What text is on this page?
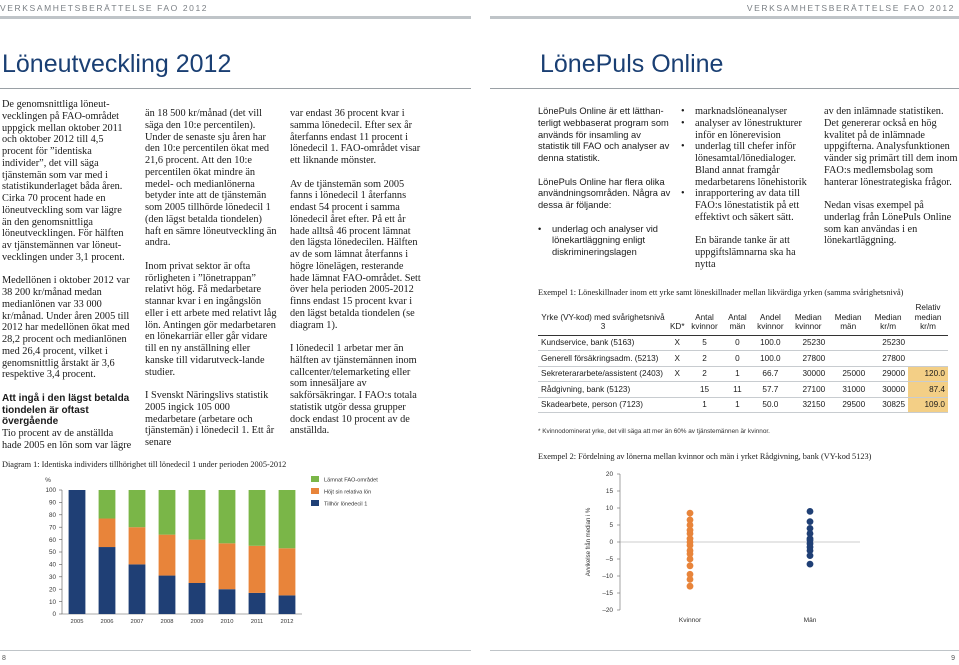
VERKSAMHETSBERÄTTELSE FAO 2012	VERKSAMHETSBERÄTTELSE FAO 2012
Löneutveckling 2012	LönePuls Online

De genomsnittliga löneut-vecklingen på FAO-området uppgick mellan oktober 2011 och oktober 2012 till 4,5 procent för ”identiska individer”, det vill säga tjänstemän som var med i statistikunderlaget båda åren. Cirka 70 procent hade en löneutveckling som var lägre än den genomsnittliga löneutvecklingen. För hälften av tjänstemännen var löneut-vecklingen under 3,1 procent.

Medellönen i oktober 2012 var 38 200 kr/månad medan medianlönen var 33 000 kr/månad. Under åren 2005 till 2012 har medellönen ökat med 28,2 procent och medianlönen med 26,4 procent, vilket i genomsnittlig årstakt är 3,6 respektive 3,4 procent.

Att ingå i den lägst betalda tiondelen är oftast övergående

Tio procent av de anställda hade 2005 en lön som var lägre

än 18 500 kr/månad (det vill säga den 10:e percentilen). Under de senaste sju åren har den 10:e percentilen ökat med 21,6 procent. Att den 10:e percentilen ökat mindre än medel- och medianlönerna betyder inte att de tjänstemän som 2005 tillhörde lönedecil 1 (den lägst betalda tiondelen) haft en sämre löneutveckling än andra.

Inom privat sektor är ofta rörligheten i ”lönetrappan” relativt hög. Få medarbetare stannar kvar i en ingångslön eller i ett arbete med relativt låg lön. Antingen gör medarbetaren en lönekarriär eller går vidare till en ny anställning eller kanske till vidarutveck-lande studier.

I Svenskt Näringslivs statistik 2005 ingick 105 000 medarbetare (arbetare och tjänstemän) i lönedecil 1. Ett år senare

var endast 36 procent kvar i samma lönedecil. Efter sex år återfanns endast 11 procent i lönedecil 1. FAO-området visar ett liknande mönster.

Av de tjänstemän som 2005 fanns i lönedecil 1 återfanns endast 54 procent i samma lönedecil året efter. På ett år hade alltså 46 procent lämnat den lägsta lönedecilen. Hälften av de som lämnat återfanns i högre lönelägen, resterande hade lämnat FAO-området. Sett över hela perioden 2005-2012 finns endast 15 procent kvar i den lägst betalda tiondelen (se diagram 1).

I lönedecil 1 arbetar mer än hälften av tjänstemännen inom callcenter/telemarketing eller som innesäljare av sakförsäkringar. I FAO:s totala statistik utgör dessa grupper dock endast 10 procent av de anställda.

Diagram 1: Identiska individers tillhörighet till lönedecil 1 under perioden 2005-2012
%
0
10
20
30
40
50
60
70
80
90
100
2005	2006	2007	2008	2009	2010	2011	2012
Lämnat FAO-området
Höjt sin relativa lön
Tillhör lönedecil 1

LönePuls Online är ett lätthan-terligt webbaserat program som används för insamling av statistik till FAO och analyser av denna statistik.

LönePuls Online har flera olika användningsområden. Några av dessa är följande:

• underlag och analyser vid lönekartläggning enligt diskrimineringslagen
• marknadslöneanalyser
• analyser av lönestrukturer inför en lönerevision
• underlag till chefer inför lönesamtal/lönedialoger. Bland annat framgår medarbetarens lönehistorik
• inrapportering av data till FAO:s lönestatistik på ett effektivt och säkert sätt.
En bärande tanke är att uppgiftslämnarna ska ha nytta

av den inlämnade statistiken. Det genererar också en hög kvalitet på de inlämnade uppgifterna. Analysfunktionen vänder sig primärt till dem inom FAO:s medlemsbolag som hanterar lönestrategiska frågor.

Nedan visas exempel på underlag från LönePuls Online som kan användas i en lönekartläggning.

Exempel 1: Löneskillnader inom ett yrke samt löneskillnader mellan likvärdiga yrken (samma svårighetsnivå)
Yrke (VY-kod) med svårighetsnivå 3	KD*	Antal kvinnor	Antal män	Andel kvinnor	Median kvinnor	Median män	Median kr/m	Relativ median kr/m
Kundservice, bank (5163)	X	5	0	100.0	25230		25230	
Generell försäkringsadm. (5213)	X	2	0	100.0	27800		27800	
Sekreterararbete/assistent (2403)	X	2	1	66.7	30000	25000	29000	120.0
Rådgivning, bank (5123)		15	11	57.7	27100	31000	30000	87.4
Skadearbete, person (7123)		1	1	50.0	32150	29500	30825	109.0
* Kvinnodominerat yrke, det vill säga att mer än 60% av tjänstemännen är kvinnor.
Exempel 2: Fördelning av lönerna mellan kvinnor och män i yrket Rådgivning, bank (VY-kod 5123)
20
15
10
5
0
–5
–10
–15
–20
Avvikelse från median i %
Kvinnor	Män
8	9
